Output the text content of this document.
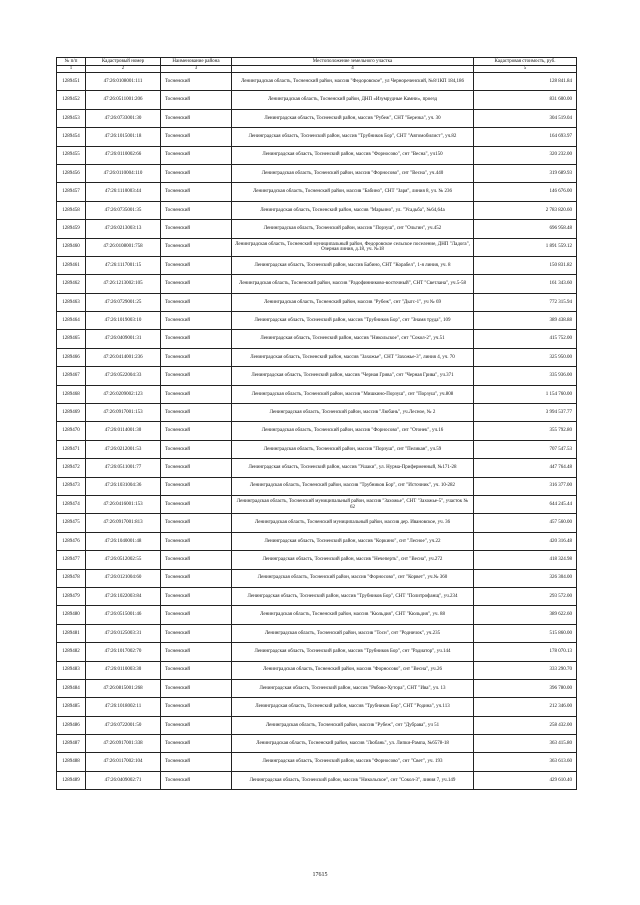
№ п/п	Кадастровый номер	Наименование района	Местоположение земельного участка	Кадастровая стоимость, руб.
1	2	3	4	5
1289451	47:26:0108001:111	Тосненский	Ленинградская область, Тосненский район, массив "Федоровское", ул Чернореченский, №8/1КП 184,186	128 841.84
1289452	47:26:0511001:206	Тосненский	Ленинградская область, Тосненский район, ДНП «Изумрудные Камни», проезд	831 600.00
1289453	47:26:0733001:30	Тосненский	Ленинградская область, Тосненский район, массив "Рубеж", СНТ "Березка", уч. 30	304 519.04
1289454	47:26:1015001:18	Тосненский	Ленинградская область, Тосненский район, массив "Трубников Бор", СНТ "Автомобилист", уч.82	164 693.97
1289455	47:26:0110002:66	Тосненский	Ленинградская область, Тосненский район, массив "Форносово", снт "Весна", уч150	320 232.00
1289456	47:26:0110004:110	Тосненский	Ленинградская область, Тосненский район, массив "Форносово", снт "Весна", уч.440	319 689.93
1289457	47:26:1110003:44	Тосненский	Ленинградская область, Тосненский район, массив "Бабино", СНТ "Заря", линия 8, уч. № 236	146 676.00
1289458	47:26:0735001:35	Тосненский	Ленинградская область, Тосненский район, массив "Марьино", ул. "Усадьба", №64,64а	2 783 820.60
1289459	47:26:0213003:13	Тосненский	Ленинградская область, Тосненский район, массив "Порзуш", снт "Ольгин", уч.452	696 958.48
1289460	47:26:0108001:758	Тосненский	Ленинградская область, Тосненский муниципальный район, Федоровское сельское поселение, ДНП "Ладога", Озерная линия, д.18, уч. №18	1 891 559.12
1289461	47:26:1117001:15	Тосненский	Ленинградская область, Тосненский район, массив Бабино, СНТ "Корабел", 1-я линия, уч. 8	150 831.82
1289462	47:26:1213002:105	Тосненский	Ленинградская область, Тосненский район, массив "Радофинниково-восточный", СНТ "Светлана", уч.5-58	161 343.60
1289463	47:26:0729001:25	Тосненский	Ленинградская область, Тосненский район, массив "Рубеж", снт "Дыгс-1", уч № 69	772 315.94
1289464	47:26:1019003:10	Тосненский	Ленинградская область, Тосненский район, массив "Трубников Бор", снт "Знамя труда", 109	389 438.88
1289465	47:26:0409001:31	Тосненский	Ленинградская область, Тосненский район, массив "Никольское", снт "Сокол-2", уч.51	415 752.00
1289466	47:26:0414001:236	Тосненский	Ленинградская область, Тосненский район, массив "Захожье", СНТ "Захожье-3", линия 4, уч. 70	325 950.00
1289467	47:26:0522004:33	Тосненский	Ленинградская область, Тосненский район, массив "Черная Грива", снт "Черная Грива", уч.371	335 936.00
1289468	47:26:0209002:123	Тосненский	Ленинградская область, Тосненский район, массив "Мишкино-Порзуш", снт "Порзуш", уч.808	1 154 760.00
1289469	47:26:0917001:153	Тосненский	Ленинградская область, Тосненский район, массив "Любань", уч.Лесное, № 2	3 994 537.77
1289470	47:26:0114001:30	Тосненский	Ленинградская область, Тосненский район, массив "Форносово", снт "Огонек", уч.16	355 792.80
1289471	47:26:0212001:53	Тосненский	Ленинградская область, Тосненский район, массив "Порзуш", снт "Пеликан", уч.59	707 547.53
1289472	47:26:0511001:77	Тосненский	Ленинградская область, Тосненский район, массив "Ушаки", ул. Нурма-Приферменный, №171-28	447 764.48
1289473	47:26:1031004:36	Тосненский	Ленинградская область, Тосненский район, массив "Трубников Бор", снт "Источник", уч. 10-282	316 377.00
1289474	47:26:0416001:153	Тосненский	Ленинградская область, Тосненский муниципальный район, массив "Захожье", СНТ "Захожье-5", участок № 62	644 245.44
1289475	47:26:0917001:813	Тосненский	Ленинградская область, Тосненский муниципальный район, массив дер. Ивановское, уч. 36	457 560.00
1289476	47:26:1040001:48	Тосненский	Ленинградская область, Тосненский район, массив "Коркино", снт "Лесное", уч.22	420 316.48
1289477	47:26:0512002:55	Тосненский	Ленинградская область, Тосненский район, массив "Нечеперть", снт "Весна", уч.272	418 324.98
1289478	47:26:0121004:60	Тосненский	Ленинградская область, Тосненский район, массив "Форносово", снт "Корвет", уч.№ 360	326 304.00
1289479	47:26:1022003:84	Тосненский	Ленинградская область, Тосненский район, массив "Трубников Бор", СНТ "Политрофанщ", уч.234	293 572.00
1289480	47:26:0515001:46	Тосненский	Ленинградская область, Тосненский район, массив "Кюльдия", СНТ "Кюльдия", уч. 88	389 622.60
1289481	47:26:0125003:31	Тосненский	Ленинградская область, Тосненский район, массив "Тосн", снт "Родничок", уч.235	515 860.00
1289482	47:26:1017002:70	Тосненский	Ленинградская область, Тосненский район, массив "Трубников Бор", снт "Радиатор", уч.144	178 070.13
1289483	47:26:0110003:30	Тосненский	Ленинградская область, Тосненский район, массив "Форносово", снт "Весна", уч.26	333 290.70
1289484	47:26:0815001:268	Тосненский	Ленинградская область, Тосненский район, массив "Рябово-Хутора", СНТ "Ива", уч. 13	396 780.00
1289485	47:26:1018002:11	Тосненский	Ленинградская область, Тосненский район, массив "Трубников Бор", СНТ "Родина", уч.113	212 346.00
1289486	47:26:0722001:50	Тосненский	Ленинградская область, Тосненский район, массив "Рубеж", снт "Дубрава", уч 51	258 432.00
1289487	47:26:0917001:338	Тосненский	Ленинградская область, Тосненский район, массив "Любань", ул. Липки-Рампа, №6578-18	363 415.80
1289488	47:26:0117002:104	Тосненский	Ленинградская область, Тосненский район, массив "Форносово", снт "Свет", уч. 193	363 613.60
1289489	47:26:0409002:71	Тосненский	Ленинградская область, Тосненский район, массив "Никольское", снт "Сокол-3", линия 7, уч.149	429 610.40
17615
